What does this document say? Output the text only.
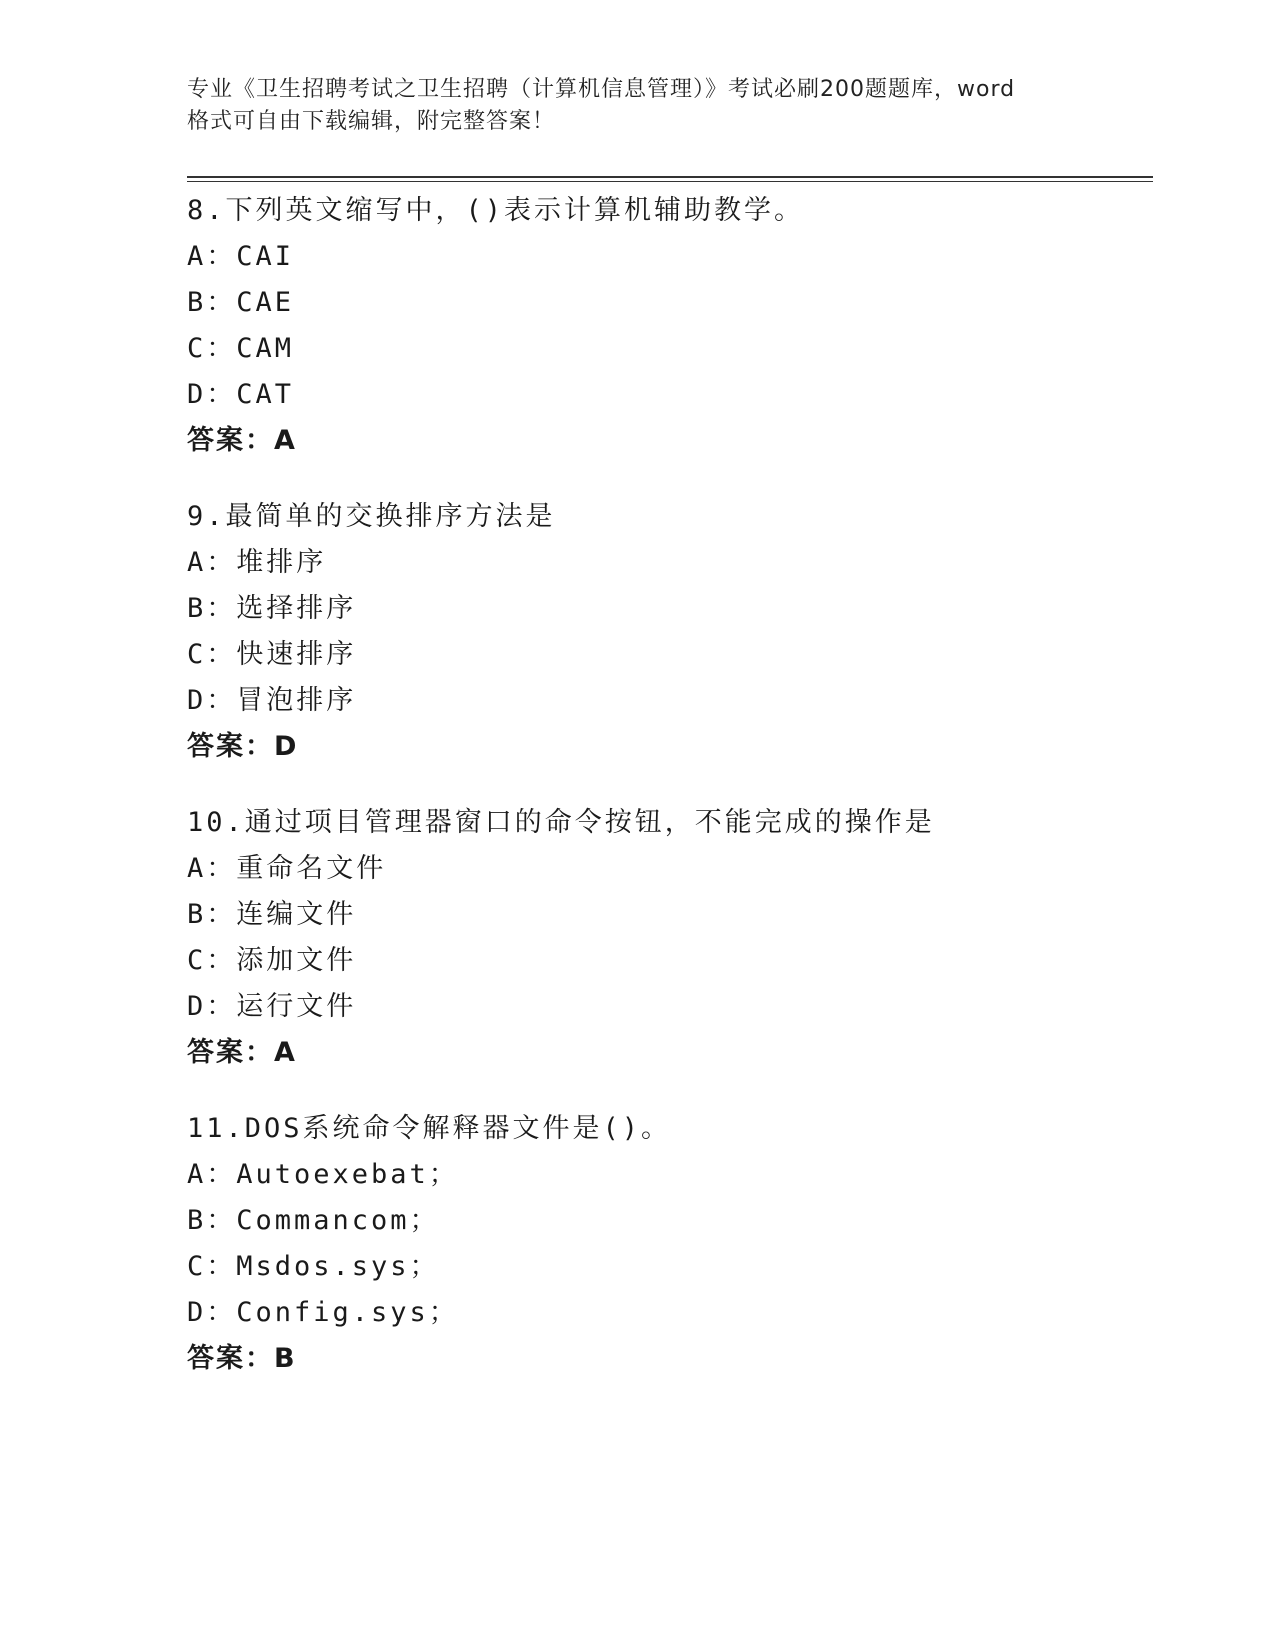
专业《卫生招聘考试之卫生招聘（计算机信息管理）》考试必刷200题题库，word
格式可自由下载编辑，附完整答案！
8.下列英文缩写中，()表示计算机辅助教学。
A：CAI
B：CAE
C：CAM
D：CAT
答案：A
9.最简单的交换排序方法是
A：堆排序
B：选择排序
C：快速排序
D：冒泡排序
答案：D
10.通过项目管理器窗口的命令按钮，不能完成的操作是
A：重命名文件
B：连编文件
C：添加文件
D：运行文件
答案：A
11.DOS系统命令解释器文件是()。
A：Autoexebat；
B：Commancom；
C：Msdos.sys；
D：Config.sys；
答案：B
